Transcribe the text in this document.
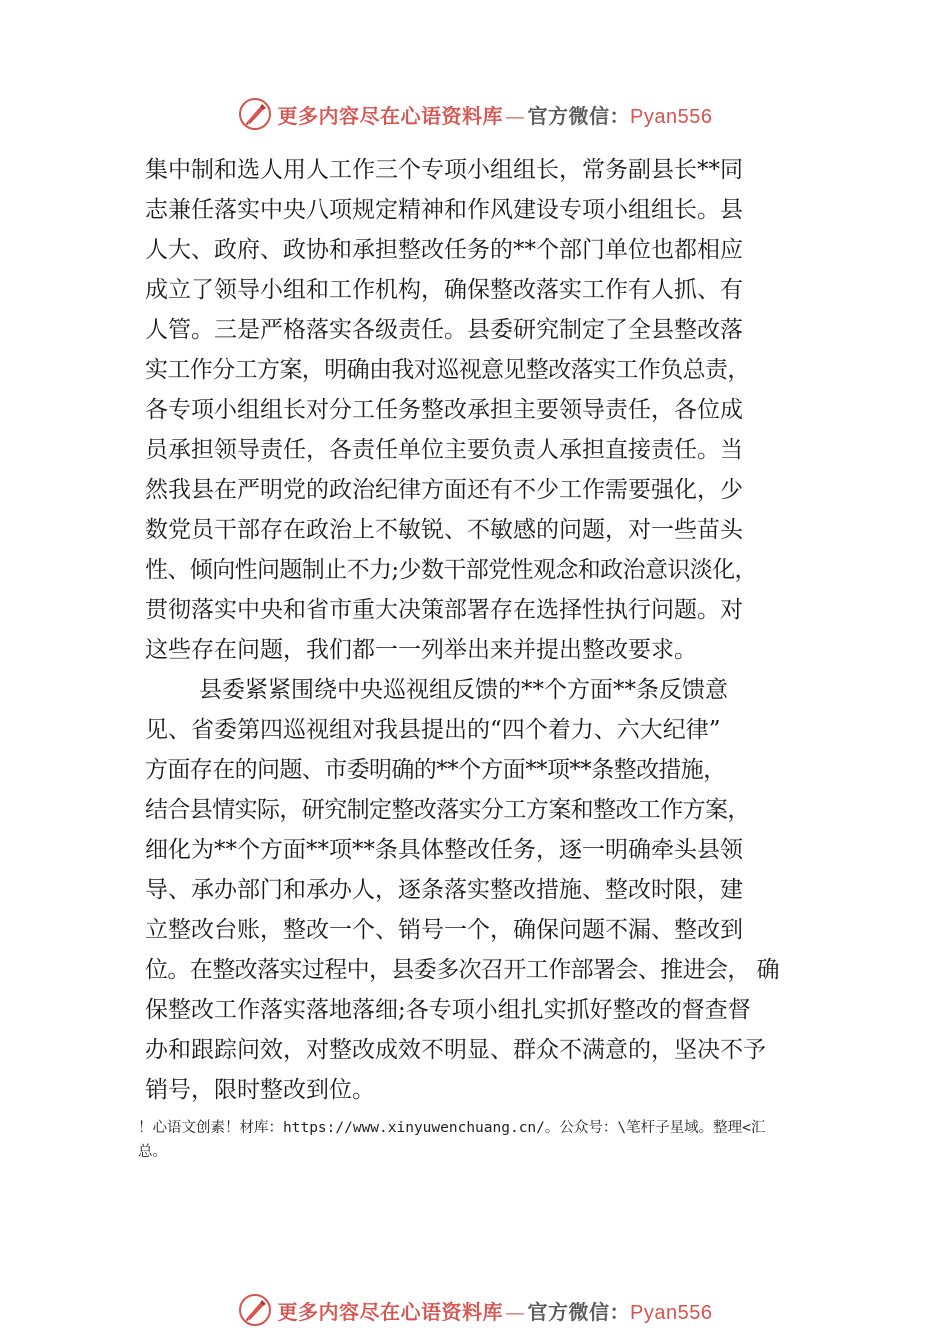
更多内容尽在心语资料库 — 官方微信：Pyan556
集中制和选人用人工作三个专项小组组长，常务副县长**同
志兼任落实中央八项规定精神和作风建设专项小组组长。县
人大、政府、政协和承担整改任务的**个部门单位也都相应
成立了领导小组和工作机构，确保整改落实工作有人抓、有
人管。三是严格落实各级责任。县委研究制定了全县整改落
实工作分工方案，明确由我对巡视意见整改落实工作负总责，
各专项小组组长对分工任务整改承担主要领导责任，各位成
员承担领导责任，各责任单位主要负责人承担直接责任。当
然我县在严明党的政治纪律方面还有不少工作需要强化，少
数党员干部存在政治上不敏锐、不敏感的问题，对一些苗头
性、倾向性问题制止不力;少数干部党性观念和政治意识淡化，
贯彻落实中央和省市重大决策部署存在选择性执行问题。对
这些存在问题，我们都一一列举出来并提出整改要求。
县委紧紧围绕中央巡视组反馈的**个方面**条反馈意
见、省委第四巡视组对我县提出的“四个着力、六大纪律”
方面存在的问题、市委明确的**个方面**项**条整改措施，
结合县情实际，研究制定整改落实分工方案和整改工作方案，
细化为**个方面**项**条具体整改任务，逐一明确牵头县领
导、承办部门和承办人，逐条落实整改措施、整改时限，建
立整改台账，整改一个、销号一个，确保问题不漏、整改到
位。在整改落实过程中，县委多次召开工作部署会、推进会， 确
保整改工作落实落地落细;各专项小组扎实抓好整改的督查督
办和跟踪问效，对整改成效不明显、群众不满意的，坚决不予
销号，限时整改到位。
！心语文创素！材库：https://www.xinyuwenchuang.cn/。公众号：\笔杆子星域。整理<汇
总。
更多内容尽在心语资料库 — 官方微信：Pyan556
